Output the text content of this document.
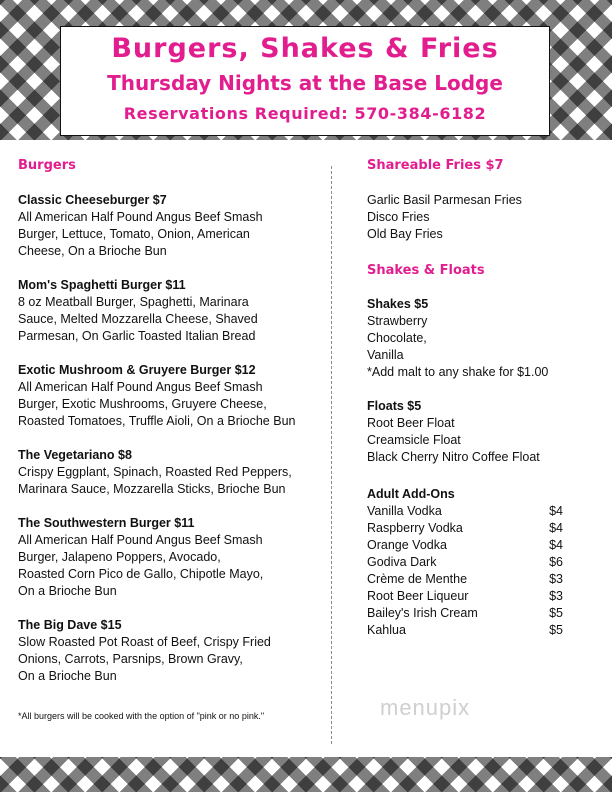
Burgers, Shakes & Fries
Thursday Nights at the Base Lodge
Reservations Required: 570-384-6182
Burgers
Classic Cheeseburger $7
All American Half Pound Angus Beef Smash
Burger, Lettuce, Tomato, Onion, American
Cheese, On a Brioche Bun
Mom's Spaghetti Burger $11
8 oz Meatball Burger, Spaghetti, Marinara
Sauce, Melted Mozzarella Cheese, Shaved
Parmesan, On Garlic Toasted Italian Bread
Exotic Mushroom & Gruyere Burger $12
All American Half Pound Angus Beef Smash
Burger, Exotic Mushrooms, Gruyere Cheese,
Roasted Tomatoes, Truffle Aioli, On a Brioche Bun
The Vegetariano $8
Crispy Eggplant, Spinach, Roasted Red Peppers,
Marinara Sauce, Mozzarella Sticks, Brioche Bun
The Southwestern Burger $11
All American Half Pound Angus Beef Smash
Burger, Jalapeno Poppers, Avocado,
Roasted Corn Pico de Gallo, Chipotle Mayo,
On a Brioche Bun
The Big Dave $15
Slow Roasted Pot Roast of Beef, Crispy Fried
Onions, Carrots, Parsnips, Brown Gravy,
On a Brioche Bun
*All burgers will be cooked with the option of "pink or no pink."
Shareable Fries $7
Garlic Basil Parmesan Fries
Disco Fries
Old Bay Fries
Shakes & Floats
Shakes $5
Strawberry
Chocolate,
Vanilla
*Add malt to any shake for $1.00
Floats $5
Root Beer Float
Creamsicle Float
Black Cherry Nitro Coffee Float
Adult Add-Ons
Vanilla Vodka	$4
Raspberry Vodka	$4
Orange Vodka	$4
Godiva Dark	$6
Crème de Menthe	$3
Root Beer Liqueur	$3
Bailey's Irish Cream	$5
Kahlua	$5
menupix
